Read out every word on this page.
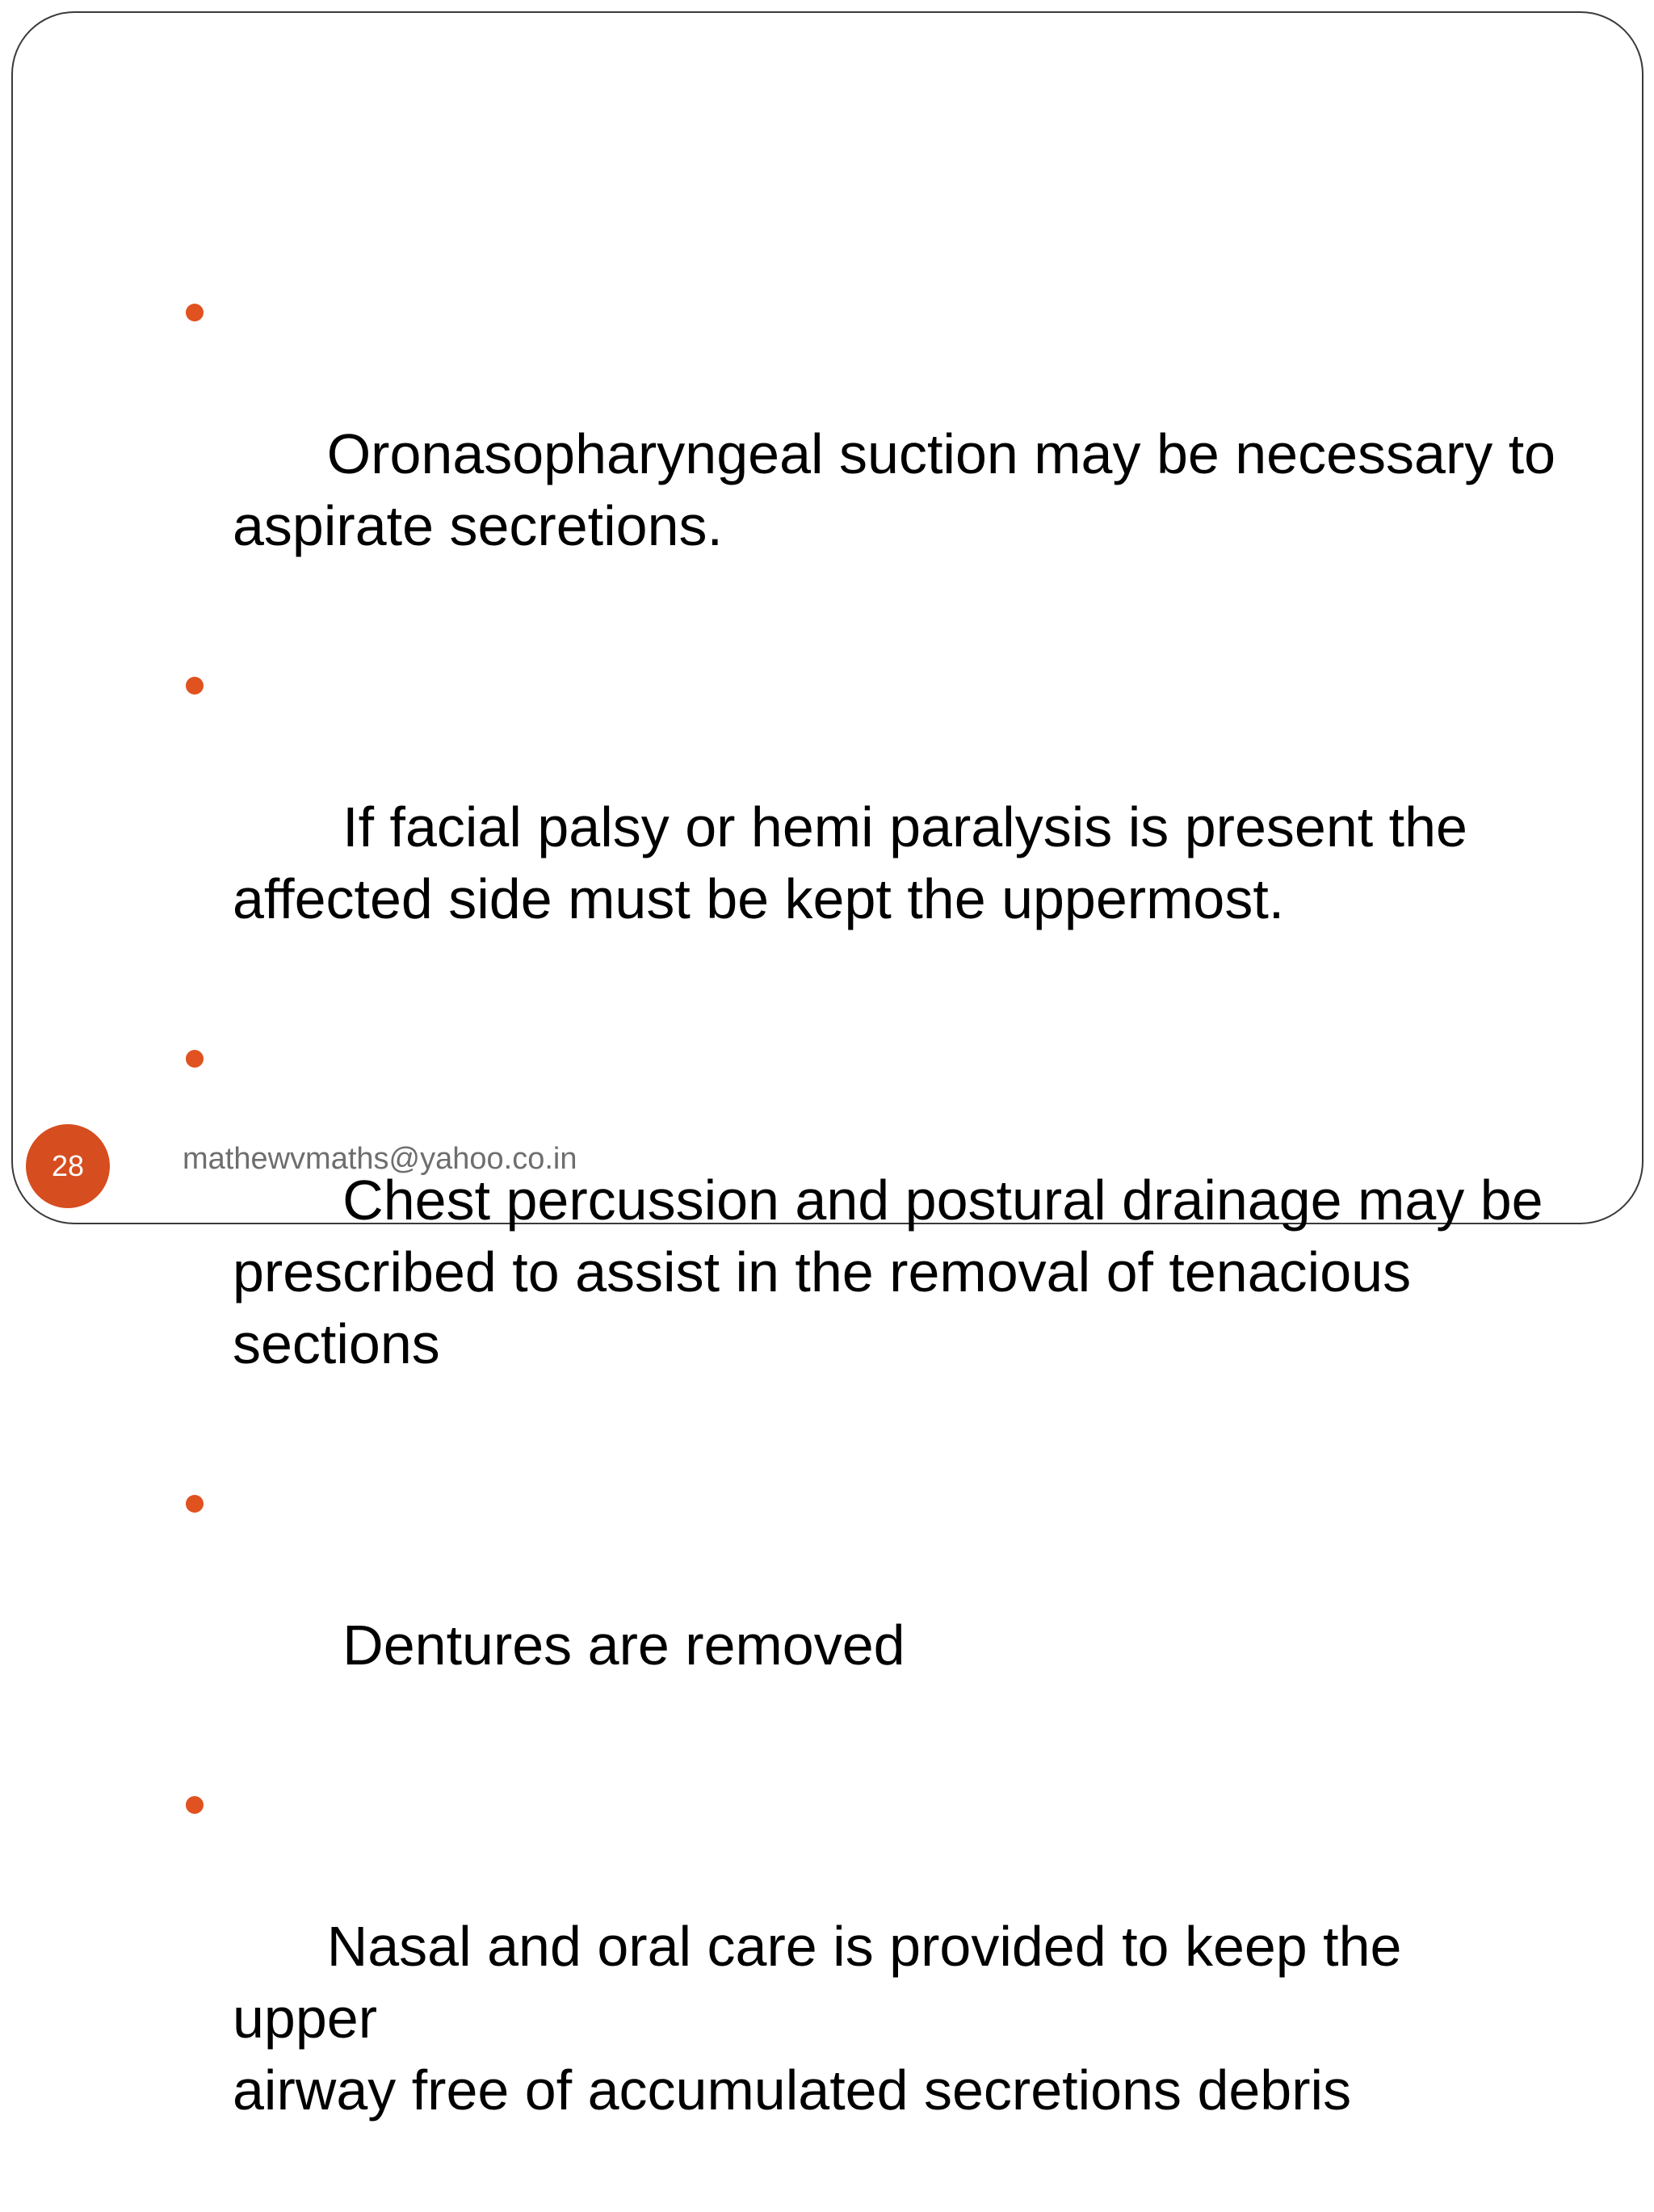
Oronasopharyngeal suction may be necessary to
aspirate secretions.

If facial palsy or hemi paralysis is present the
affected side must be kept the uppermost.

Chest percussion and postural drainage may be
prescribed to assist in the removal of tenacious
sections

Dentures are removed

Nasal and oral care is provided to keep the upper
airway free of accumulated secretions debris

28	mathewvmaths@yahoo.co.in
